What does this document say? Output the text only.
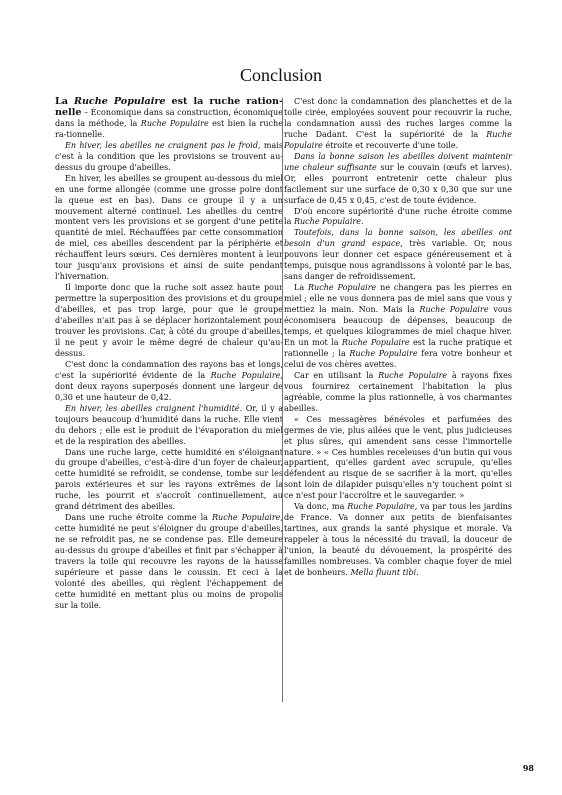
Conclusion

La Ruche Populaire est la ruche ration-nelle – Économique dans sa construction, économique dans la méthode, la Ruche Populaire est bien la ruche ra-tionnelle.

En hiver, les abeilles ne craignent pas le froid, mais c'est à la condition que les provisions se trouvent au-dessus du groupe d'abeilles.

En hiver, les abeilles se groupent au-dessous du miel en une forme allongée (comme une grosse poire dont la queue est en bas). Dans ce groupe il y a un mouvement alterné continuel. Les abeilles du centre montent vers les provisions et se gorgent d'une petite quantité de miel. Réchauffées par cette consommation de miel, ces abeilles descendent par la périphérie et réchauffent leurs sœurs. Ces dernières montent à leur tour jusqu'aux provisions et ainsi de suite pendant l'hivernation.

Il importe donc que la ruche soit assez haute pour permettre la superposition des provisions et du groupe d'abeilles, et pas trop large, pour que le groupe d'abeilles n'ait pas à se déplacer horizontalement pour trouver les provisions. Car, à côté du groupe d'abeilles, il ne peut y avoir le même degré de chaleur qu'au-dessus.

C'est donc la condamnation des rayons bas et longs, c'est la supériorité évidente de la Ruche Populaire, dont deux rayons superposés donnent une largeur de 0,30 et une hauteur de 0,42.

En hiver, les abeilles craignent l'humidité. Or, il y a toujours beaucoup d'humidité dans la ruche. Elle vient du dehors ; elle est le produit de l'évaporation du miel et de la respiration des abeilles.

Dans une ruche large, cette humidité en s'éloignant du groupe d'abeilles, c'est-à-dire d'un foyer de chaleur, cette humidité se refroidit, se condense, tombe sur les parois extérieures et sur les rayons extrêmes de la ruche, les pourrit et s'accroît continuellement, au grand détriment des abeilles.

Dans une ruche étroite comme la Ruche Populaire, cette humidité ne peut s'éloigner du groupe d'abeilles, ne se refroidit pas, ne se condense pas. Elle demeure au-dessus du groupe d'abeilles et finit par s'échapper à travers la toile qui recouvre les rayons de la hausse supérieure et passe dans le coussin. Et ceci à la volonté des abeilles, qui règlent l'échappement de cette humidité en mettant plus ou moins de propolis sur la toile.

C'est donc la condamnation des planchettes et de la toile cirée, employées souvent pour recouvrir la ruche, la condamnation aussi des ruches larges comme la ruche Dadant. C'est la supériorité de la Ruche Populaire étroite et recouverte d'une toile.

Dans la bonne saison les abeilles doivent maintenir une chaleur suffisante sur le couvain (œufs et larves). Or, elles pourront entretenir cette chaleur plus facilement sur une surface de 0,30 x 0,30 que sur une surface de 0,45 x 0,45, c'est de toute évidence.

D'où encore supériorité d'une ruche étroite comme la Ruche Populaire.

Toutefois, dans la bonne saison, les abeilles ont besoin d'un grand espace, très variable. Or, nous pouvons leur donner cet espace généreusement et à temps, puisque nous agrandissons à volonté par le bas, sans danger de refroidissement.

La Ruche Populaire ne changera pas les pierres en miel ; elle ne vous donnera pas de miel sans que vous y mettiez la main. Non. Mais la Ruche Populaire vous économisera beaucoup de dépenses, beaucoup de temps, et quelques kilogrammes de miel chaque hiver. En un mot la Ruche Populaire est la ruche pratique et rationnelle ; la Ruche Populaire fera votre bonheur et celui de vos chères avettes.

Car en utilisant la Ruche Populaire à rayons fixes vous fournirez certainement l'habitation la plus agréable, comme la plus rationnelle, à vos charmantes abeilles.

« Ces messagères bénévoles et parfumées des germes de vie, plus ailées que le vent, plus judicieuses et plus sûres, qui amendent sans cesse l'immortelle nature. » « Ces humbles receleuses d'un butin qui vous appartient, qu'elles gardent avec scrupule, qu'elles défendent au risque de se sacrifier à la mort, qu'elles sont loin de dilapider puisqu'elles n'y touchent point si ce n'est pour l'accroître et le sauvegarder. »

Va donc, ma Ruche Populaire, va par tous les jardins de France. Va donner aux petits de bienfaisantes tartines, aux grands la santé physique et morale. Va rappeler à tous la nécessité du travail, la douceur de l'union, la beauté du dévouement, la prospérité des familles nombreuses. Va combler chaque foyer de miel et de bonheurs. Mella fluunt tibi.

98
